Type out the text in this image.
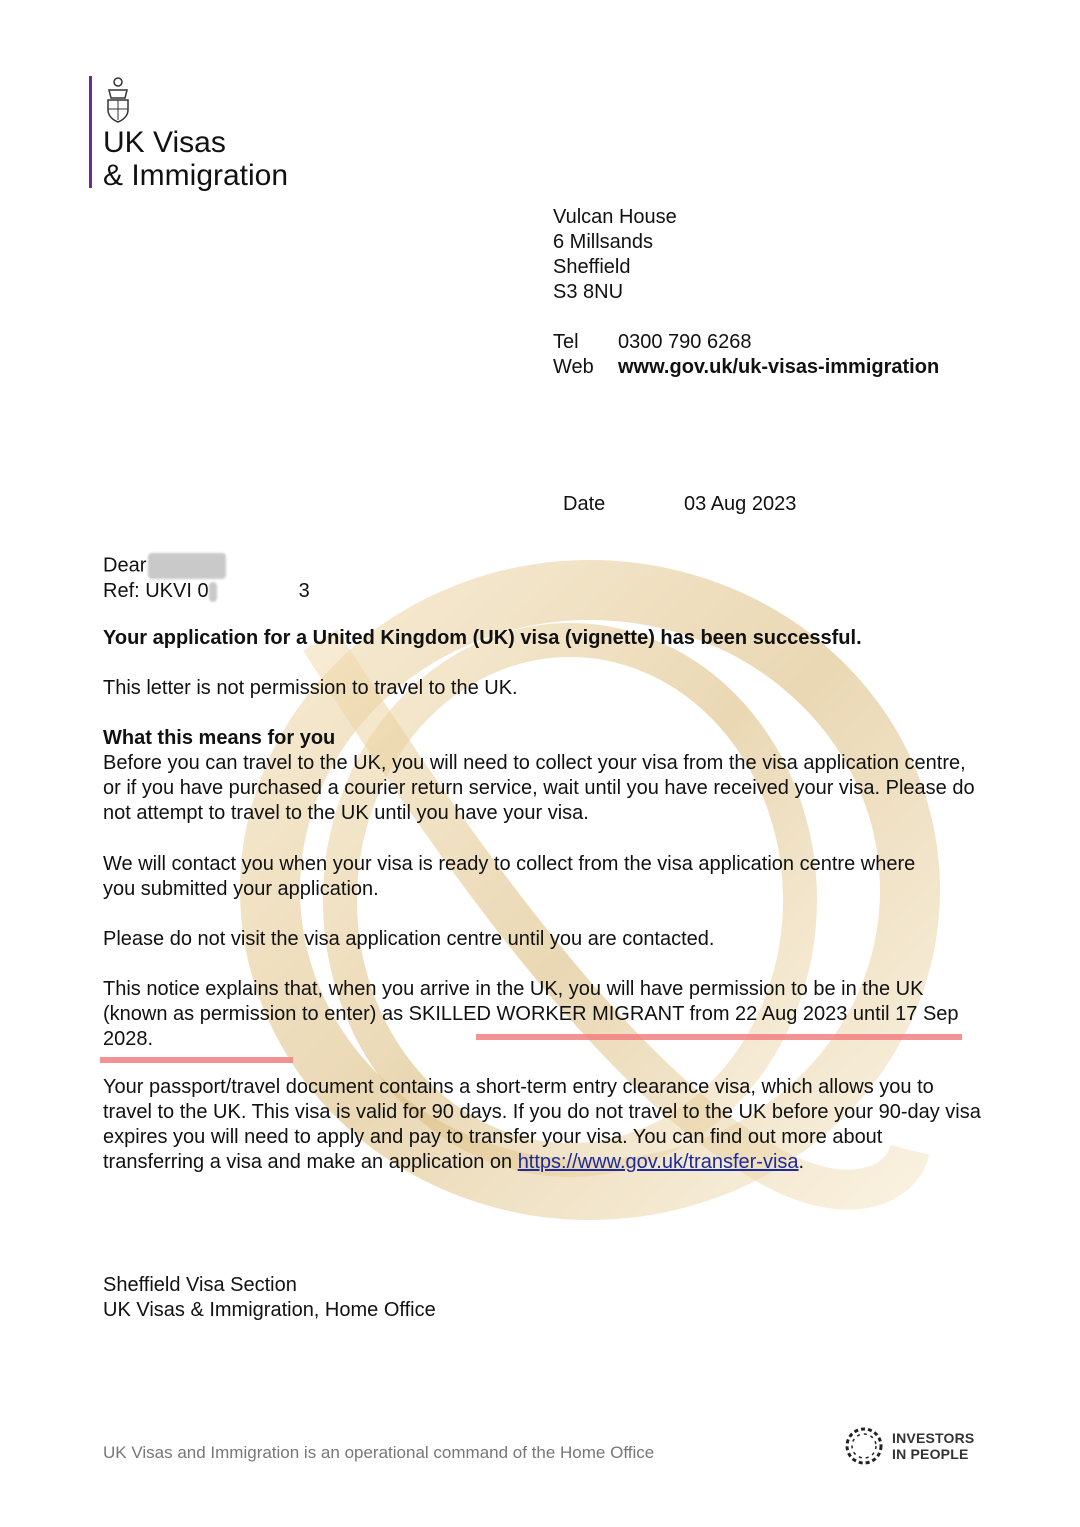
UK Visas
& Immigration
Vulcan House
6 Millsands
Sheffield
S3 8NU
Tel 0300 790 6268
Web www.gov.uk/uk-visas-immigration
Date	03 Aug 2023
Dear
Ref: UKVI 0	3
Your application for a United Kingdom (UK) visa (vignette) has been successful.
This letter is not permission to travel to the UK.
What this means for you
Before you can travel to the UK, you will need to collect your visa from the visa application centre, or if you have purchased a courier return service, wait until you have received your visa. Please do not attempt to travel to the UK until you have your visa.
We will contact you when your visa is ready to collect from the visa application centre where you submitted your application.
Please do not visit the visa application centre until you are contacted.
This notice explains that, when you arrive in the UK, you will have permission to be in the UK (known as permission to enter) as SKILLED WORKER MIGRANT from 22 Aug 2023 until 17 Sep 2028.
Your passport/travel document contains a short-term entry clearance visa, which allows you to travel to the UK. This visa is valid for 90 days. If you do not travel to the UK before your 90-day visa expires you will need to apply and pay to transfer your visa. You can find out more about transferring a visa and make an application on https://www.gov.uk/transfer-visa.
Sheffield Visa Section
UK Visas & Immigration, Home Office
UK Visas and Immigration is an operational command of the Home Office
INVESTORS
IN PEOPLE
